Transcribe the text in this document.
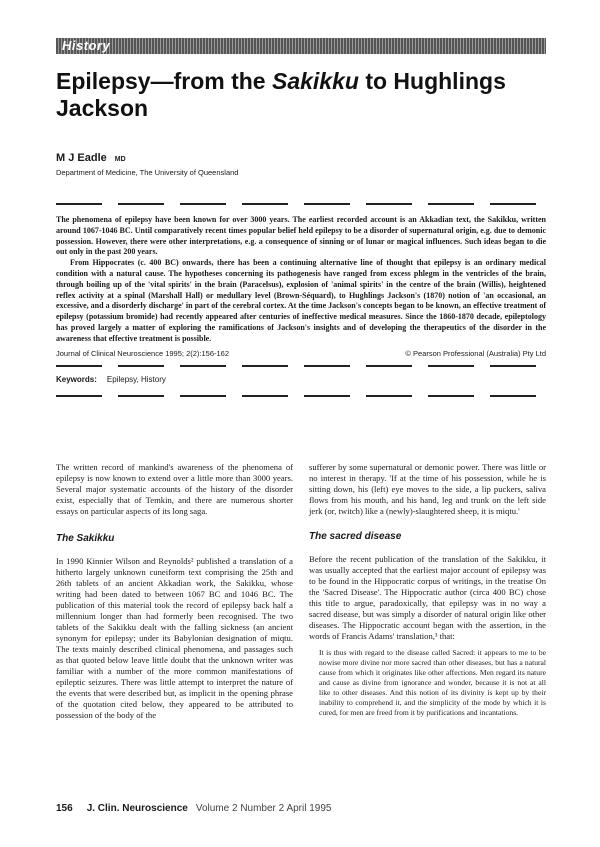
History
Epilepsy—from the Sakikku to Hughlings Jackson
M J Eadle MD
Department of Medicine, The University of Queensland

The phenomena of epilepsy have been known for over 3000 years. The earliest recorded account is an Akkadian text, the Sakikku, written around 1067-1046 BC. Until comparatively recent times popular belief held epilepsy to be a disorder of supernatural origin, e.g. due to demonic possession. However, there were other interpretations, e.g. a consequence of sinning or of lunar or magical influences. Such ideas began to die out only in the past 200 years.

From Hippocrates (c. 400 BC) onwards, there has been a continuing alternative line of thought that epilepsy is an ordinary medical condition with a natural cause. The hypotheses concerning its pathogenesis have ranged from excess phlegm in the ventricles of the brain, through boiling up of the 'vital spirits' in the brain (Paracelsus), explosion of 'animal spirits' in the centre of the brain (Willis), heightened reflex activity at a spinal (Marshall Hall) or medullary level (Brown-Séquard), to Hughlings Jackson's (1870) notion of 'an occasional, an excessive, and a disorderly discharge' in part of the cerebral cortex. At the time Jackson's concepts began to be known, an effective treatment of epilepsy (potassium bromide) had recently appeared after centuries of ineffective medical measures. Since the 1860-1870 decade, epileptology has proved largely a matter of exploring the ramifications of Jackson's insights and of developing the therapeutics of the disorder in the awareness that effective treatment is possible.

Journal of Clinical Neuroscience 1995; 2(2):156-162	© Pearson Professional (Australia) Pty Ltd
Keywords: Epilepsy, History

The written record of mankind's awareness of the phenomena of epilepsy is now known to extend over a little more than 3000 years. Several major systematic accounts of the history of the disorder exist, especially that of Temkin, and there are numerous shorter essays on particular aspects of its long saga.

The Sakikku

In 1990 Kinnier Wilson and Reynolds² published a translation of a hitherto largely unknown cuneiform text comprising the 25th and 26th tablets of an ancient Akkadian work, the Sakikku, whose writing had been dated to between 1067 BC and 1046 BC. The publication of this material took the record of epilepsy back half a millennium longer than had formerly been recognised. The two tablets of the Sakikku dealt with the falling sickness (an ancient synonym for epilepsy; under its Babylonian designation of miqtu. The texts mainly described clinical phenomena, and passages such as that quoted below leave little doubt that the unknown writer was familiar with a number of the more common manifestations of epileptic seizures. There was little attempt to interpret the nature of the events that were described but, as implicit in the opening phrase of the quotation cited below, they appeared to be attributed to possession of the body of the

sufferer by some supernatural or demonic power. There was little or no interest in therapy. 'If at the time of his possession, while he is sitting down, his (left) eye moves to the side, a lip puckers, saliva flows from his mouth, and his hand, leg and trunk on the left side jerk (or, twitch) like a (newly)-slaughtered sheep, it is miqtu.'

The sacred disease

Before the recent publication of the translation of the Sakikku, it was usually accepted that the earliest major account of epilepsy was to be found in the Hippocratic corpus of writings, in the treatise On the 'Sacred Disease'. The Hippocratic author (circa 400 BC) chose this title to argue, paradoxically, that epilepsy was in no way a sacred disease, but was simply a disorder of natural origin like other diseases. The Hippocratic account began with the assertion, in the words of Francis Adams' translation,³ that:

It is thus with regard to the disease called Sacred: it appears to me to be nowise more divine nor more sacred than other diseases, but has a natural cause from which it originates like other affections. Men regard its nature and cause as divine from ignorance and wonder, because it is not at all like to other diseases. And this notion of its divinity is kept up by their inability to comprehend it, and the simplicity of the mode by which it is cured, for men are freed from it by purifications and incantations.

156 J. Clin. Neuroscience Volume 2 Number 2 April 1995
